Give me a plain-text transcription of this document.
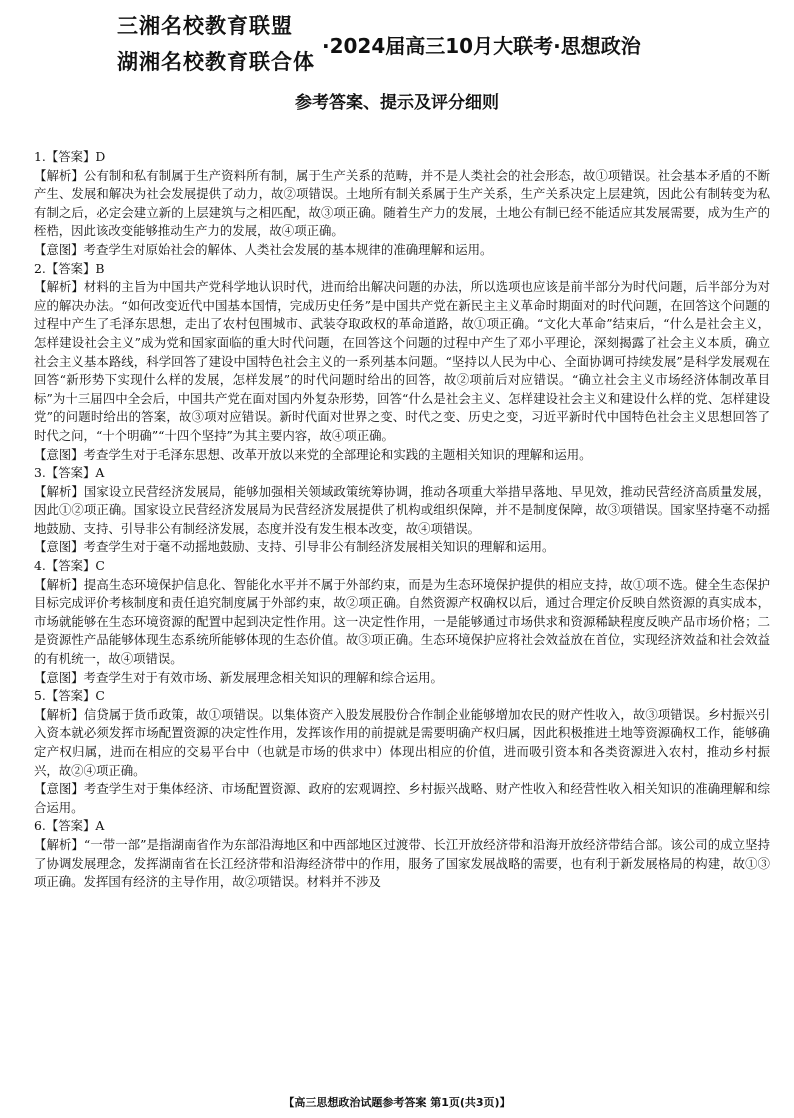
三湘名校教育联盟
湖湘名校教育联合体
·2024届高三10月大联考·思想政治
参考答案、提示及评分细则

1.【答案】D

【解析】公有制和私有制属于生产资料所有制，属于生产关系的范畴，并不是人类社会的社会形态，故①项错误。社会基本矛盾的不断产生、发展和解决为社会发展提供了动力，故②项错误。土地所有制关系属于生产关系，生产关系决定上层建筑，因此公有制转变为私有制之后，必定会建立新的上层建筑与之相匹配，故③项正确。随着生产力的发展，土地公有制已经不能适应其发展需要，成为生产的桎梏，因此该改变能够推动生产力的发展，故④项正确。

【意图】考查学生对原始社会的解体、人类社会发展的基本规律的准确理解和运用。

2.【答案】B

【解析】材料的主旨为中国共产党科学地认识时代，进而给出解决问题的办法，所以选项也应该是前半部分为时代问题，后半部分为对应的解决办法。“如何改变近代中国基本国情，完成历史任务”是中国共产党在新民主主义革命时期面对的时代问题，在回答这个问题的过程中产生了毛泽东思想，走出了农村包围城市、武装夺取政权的革命道路，故①项正确。“文化大革命”结束后，“什么是社会主义，怎样建设社会主义”成为党和国家面临的重大时代问题，在回答这个问题的过程中产生了邓小平理论，深刻揭露了社会主义本质，确立社会主义基本路线，科学回答了建设中国特色社会主义的一系列基本问题。“坚持以人民为中心、全面协调可持续发展”是科学发展观在回答“新形势下实现什么样的发展，怎样发展”的时代问题时给出的回答，故②项前后对应错误。“确立社会主义市场经济体制改革目标”为十三届四中全会后，中国共产党在面对国内外复杂形势，回答“什么是社会主义、怎样建设社会主义和建设什么样的党、怎样建设党”的问题时给出的答案，故③项对应错误。新时代面对世界之变、时代之变、历史之变，习近平新时代中国特色社会主义思想回答了时代之问，“十个明确”“十四个坚持”为其主要内容，故④项正确。

【意图】考查学生对于毛泽东思想、改革开放以来党的全部理论和实践的主题相关知识的理解和运用。

3.【答案】A

【解析】国家设立民营经济发展局，能够加强相关领域政策统筹协调，推动各项重大举措早落地、早见效，推动民营经济高质量发展，因此①②项正确。国家设立民营经济发展局为民营经济发展提供了机构或组织保障，并不是制度保障，故③项错误。国家坚持毫不动摇地鼓励、支持、引导非公有制经济发展，态度并没有发生根本改变，故④项错误。

【意图】考查学生对于毫不动摇地鼓励、支持、引导非公有制经济发展相关知识的理解和运用。

4.【答案】C

【解析】提高生态环境保护信息化、智能化水平并不属于外部约束，而是为生态环境保护提供的相应支持，故①项不选。健全生态保护目标完成评价考核制度和责任追究制度属于外部约束，故②项正确。自然资源产权确权以后，通过合理定价反映自然资源的真实成本，市场就能够在生态环境资源的配置中起到决定性作用。这一决定性作用，一是能够通过市场供求和资源稀缺程度反映产品市场价格；二是资源性产品能够体现生态系统所能够体现的生态价值。故③项正确。生态环境保护应将社会效益放在首位，实现经济效益和社会效益的有机统一，故④项错误。

【意图】考查学生对于有效市场、新发展理念相关知识的理解和综合运用。

5.【答案】C

【解析】信贷属于货币政策，故①项错误。以集体资产入股发展股份合作制企业能够增加农民的财产性收入，故③项错误。乡村振兴引入资本就必须发挥市场配置资源的决定性作用，发挥该作用的前提就是需要明确产权归属，因此积极推进土地等资源确权工作，能够确定产权归属，进而在相应的交易平台中（也就是市场的供求中）体现出相应的价值，进而吸引资本和各类资源进入农村，推动乡村振兴，故②④项正确。

【意图】考查学生对于集体经济、市场配置资源、政府的宏观调控、乡村振兴战略、财产性收入和经营性收入相关知识的准确理解和综合运用。

6.【答案】A

【解析】“一带一部”是指湖南省作为东部沿海地区和中西部地区过渡带、长江开放经济带和沿海开放经济带结合部。该公司的成立坚持了协调发展理念，发挥湖南省在长江经济带和沿海经济带中的作用，服务了国家发展战略的需要，也有利于新发展格局的构建，故①③项正确。发挥国有经济的主导作用，故②项错误。材料并不涉及

【高三思想政治试题参考答案 第1页(共3页)】
